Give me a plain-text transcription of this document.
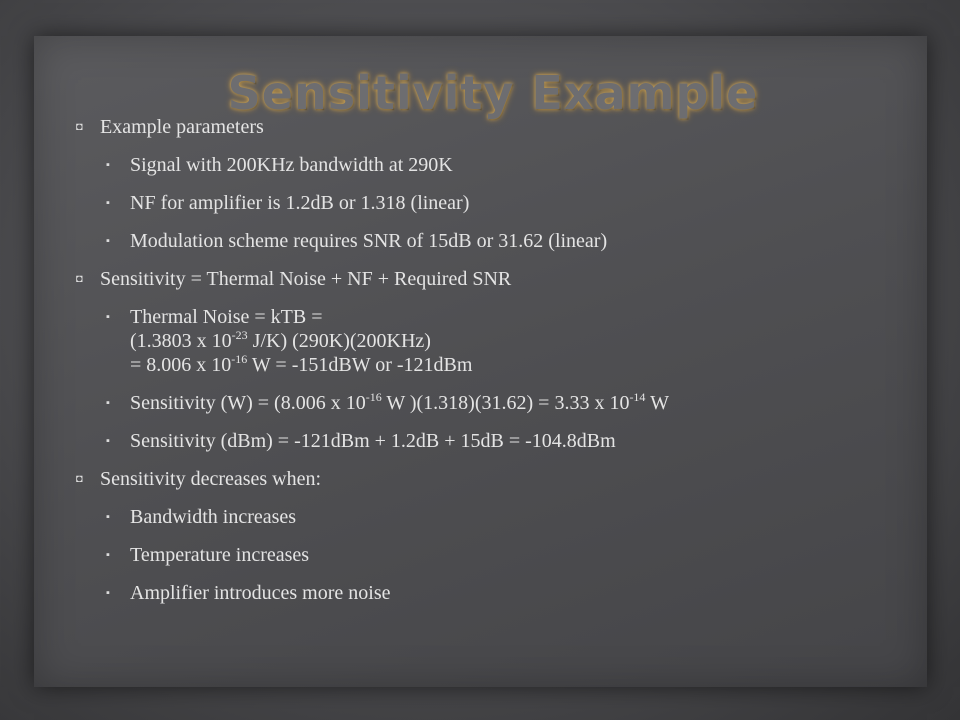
Sensitivity Example
◘ Example parameters
▪	Signal with 200KHz bandwidth at 290K
▪	NF for amplifier is 1.2dB or 1.318 (linear)
▪	Modulation scheme requires SNR of 15dB or 31.62 (linear)
◘ Sensitivity = Thermal Noise + NF + Required SNR
▪	Thermal Noise = kTB =
(1.3803 x $10^{-23}$ J/K) (290K)(200KHz)
= 8.006 x $10^{-16}$ W = -151dBW or -121dBm
▪	Sensitivity (W) = (8.006 x $10^{-16}$ W )(1.318)(31.62) = 3.33 x $10^{-14}$ W
▪	Sensitivity (dBm) = -121dBm + 1.2dB + 15dB = -104.8dBm
◘ Sensitivity decreases when:
▪	Bandwidth increases
▪	Temperature increases
▪	Amplifier introduces more noise
